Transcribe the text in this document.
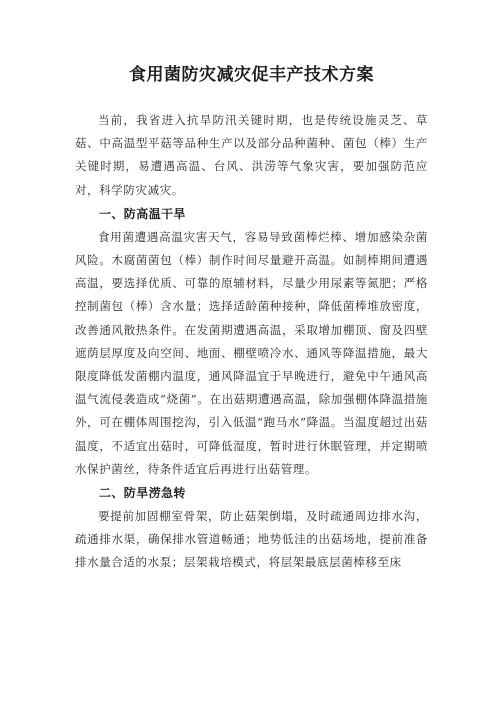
食用菌防灾减灾促丰产技术方案

当前，我省进入抗旱防汛关键时期，也是传统设施灵芝、草菇、中高温型平菇等品种生产以及部分品种菌种、菌包（棒）生产关键时期，易遭遇高温、台风、洪涝等气象灾害，要加强防范应对，科学防灾减灾。

一、防高温干旱

食用菌遭遇高温灾害天气，容易导致菌棒烂棒、增加感染杂菌风险。木腐菌菌包（棒）制作时间尽量避开高温。如制棒期间遭遇高温，要选择优质、可靠的原辅材料，尽量少用尿素等氮肥；严格控制菌包（棒）含水量；选择适龄菌种接种，降低菌棒堆放密度，改善通风散热条件。在发菌期遭遇高温，采取增加棚顶、窗及四壁遮荫层厚度及向空间、地面、棚壁喷冷水、通风等降温措施，最大限度降低发菌棚内温度，通风降温宜于早晚进行，避免中午通风高温气流侵袭造成“烧菌”。在出菇期遭遇高温，除加强棚体降温措施外，可在棚体周围挖沟，引入低温“跑马水”降温。当温度超过出菇温度，不适宜出菇时，可降低湿度，暂时进行休眠管理，并定期喷水保护菌丝，待条件适宜后再进行出菇管理。

二、防旱涝急转

要提前加固棚室骨架，防止菇架倒塌，及时疏通周边排水沟，疏通排水渠，确保排水管道畅通；地势低洼的出菇场地，提前准备排水量合适的水泵；层架栽培模式，将层架最底层菌棒移至床
